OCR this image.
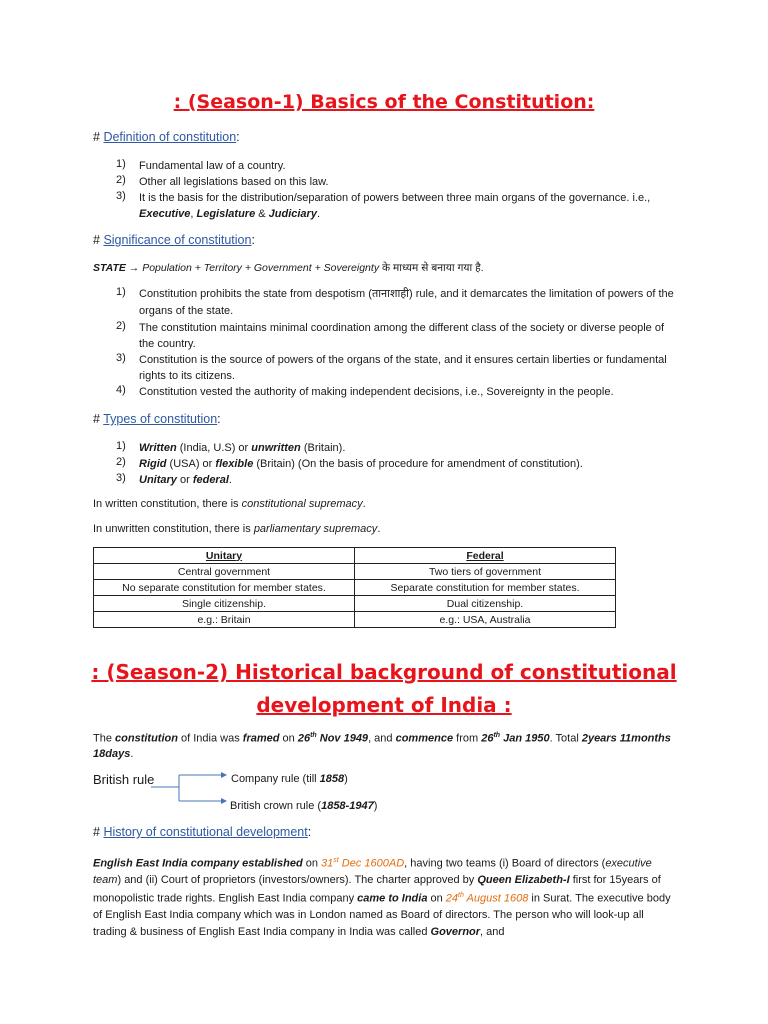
: (Season-1) Basics of the Constitution:
# Definition of constitution:
1) Fundamental law of a country.
2) Other all legislations based on this law.
3) It is the basis for the distribution/separation of powers between three main organs of the governance. i.e., Executive, Legislature & Judiciary.
# Significance of constitution:
STATE → Population + Territory + Government + Sovereignty के माध्यम से बनाया गया है.
1) Constitution prohibits the state from despotism (तानाशाही) rule, and it demarcates the limitation of powers of the organs of the state.
2) The constitution maintains minimal coordination among the different class of the society or diverse people of the country.
3) Constitution is the source of powers of the organs of the state, and it ensures certain liberties or fundamental rights to its citizens.
4) Constitution vested the authority of making independent decisions, i.e., Sovereignty in the people.
# Types of constitution:
1) Written (India, U.S) or unwritten (Britain).
2) Rigid (USA) or flexible (Britain) (On the basis of procedure for amendment of constitution).
3) Unitary or federal.
In written constitution, there is constitutional supremacy.
In unwritten constitution, there is parliamentary supremacy.
Unitary	Federal
Central government	Two tiers of government
No separate constitution for member states.	Separate constitution for member states.
Single citizenship.	Dual citizenship.
e.g.: Britain	e.g.: USA, Australia
: (Season-2) Historical background of constitutional
development of India :
The constitution of India was framed on 26th Nov 1949, and commence from 26th Jan 1950. Total 2years 11months 18days.
British rule	Company rule (till 1858)
British crown rule (1858-1947)
# History of constitutional development:
English East India company established on 31st Dec 1600AD, having two teams (i) Board of directors (executive team) and (ii) Court of proprietors (investors/owners). The charter approved by Queen Elizabeth-I first for 15years of monopolistic trade rights. English East India company came to India on 24th August 1608 in Surat. The executive body of English East India company which was in London named as Board of directors. The person who will look-up all trading & business of English East India company in India was called Governor, and
